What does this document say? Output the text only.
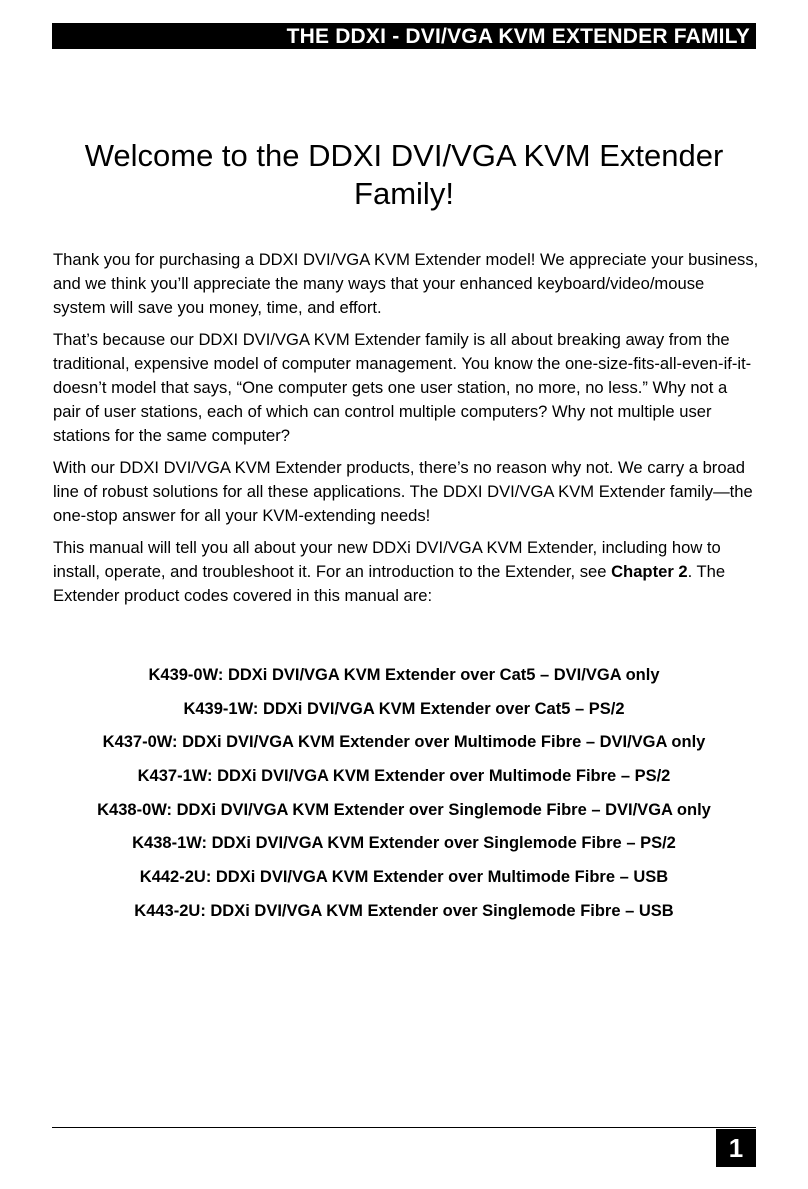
THE DDXI - DVI/VGA KVM EXTENDER FAMILY
Welcome to the DDXI DVI/VGA KVM Extender
Family!

Thank you for purchasing a DDXI DVI/VGA KVM Extender model! We appreciate your business, and we think you’ll appreciate the many ways that your enhanced keyboard/video/mouse system will save you money, time, and effort.

That’s because our DDXI DVI/VGA KVM Extender family is all about breaking away from the traditional, expensive model of computer management. You know the one-size-fits-all-even-if-it-doesn’t model that says, “One computer gets one user station, no more, no less.” Why not a pair of user stations, each of which can control multiple computers? Why not multiple user stations for the same computer?

With our DDXI DVI/VGA KVM Extender products, there’s no reason why not. We carry a broad line of robust solutions for all these applications. The DDXI DVI/VGA KVM Extender family—the one-stop answer for all your KVM-extending needs!

This manual will tell you all about your new DDXi DVI/VGA KVM Extender, including how to install, operate, and troubleshoot it. For an introduction to the Extender, see Chapter 2. The Extender product codes covered in this manual are:

K439-0W: DDXi DVI/VGA KVM Extender over Cat5 – DVI/VGA only
K439-1W: DDXi DVI/VGA KVM Extender over Cat5 – PS/2
K437-0W: DDXi DVI/VGA KVM Extender over Multimode Fibre – DVI/VGA only
K437-1W: DDXi DVI/VGA KVM Extender over Multimode Fibre – PS/2
K438-0W: DDXi DVI/VGA KVM Extender over Singlemode Fibre – DVI/VGA only
K438-1W: DDXi DVI/VGA KVM Extender over Singlemode Fibre – PS/2
K442-2U: DDXi DVI/VGA KVM Extender over Multimode Fibre – USB
K443-2U: DDXi DVI/VGA KVM Extender over Singlemode Fibre – USB
1
